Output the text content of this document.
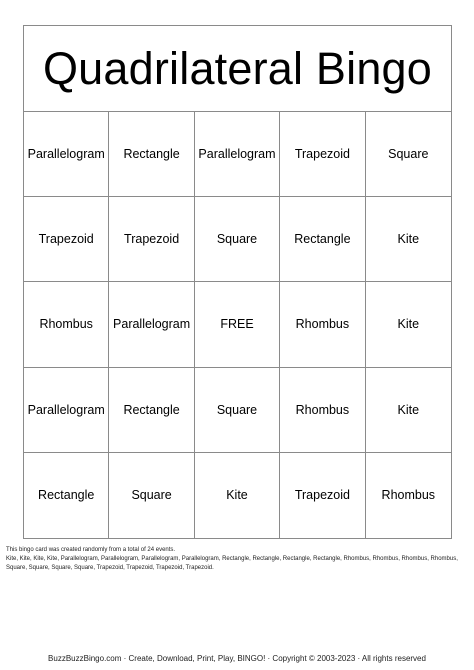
Quadrilateral Bingo
Parallelogram	Rectangle	Parallelogram	Trapezoid	Square
Trapezoid	Trapezoid	Square	Rectangle	Kite
Rhombus	Parallelogram	FREE	Rhombus	Kite
Parallelogram	Rectangle	Square	Rhombus	Kite
Rectangle	Square	Kite	Trapezoid	Rhombus
This bingo card was created randomly from a total of 24 events.
Kite, Kite, Kite, Kite, Parallelogram, Parallelogram, Parallelogram, Parallelogram, Rectangle, Rectangle, Rectangle, Rectangle, Rhombus, Rhombus, Rhombus, Rhombus, Square, Square, Square, Square, Trapezoid, Trapezoid, Trapezoid, Trapezoid.
BuzzBuzzBingo.com · Create, Download, Print, Play, BINGO! · Copyright © 2003-2023 · All rights reserved
